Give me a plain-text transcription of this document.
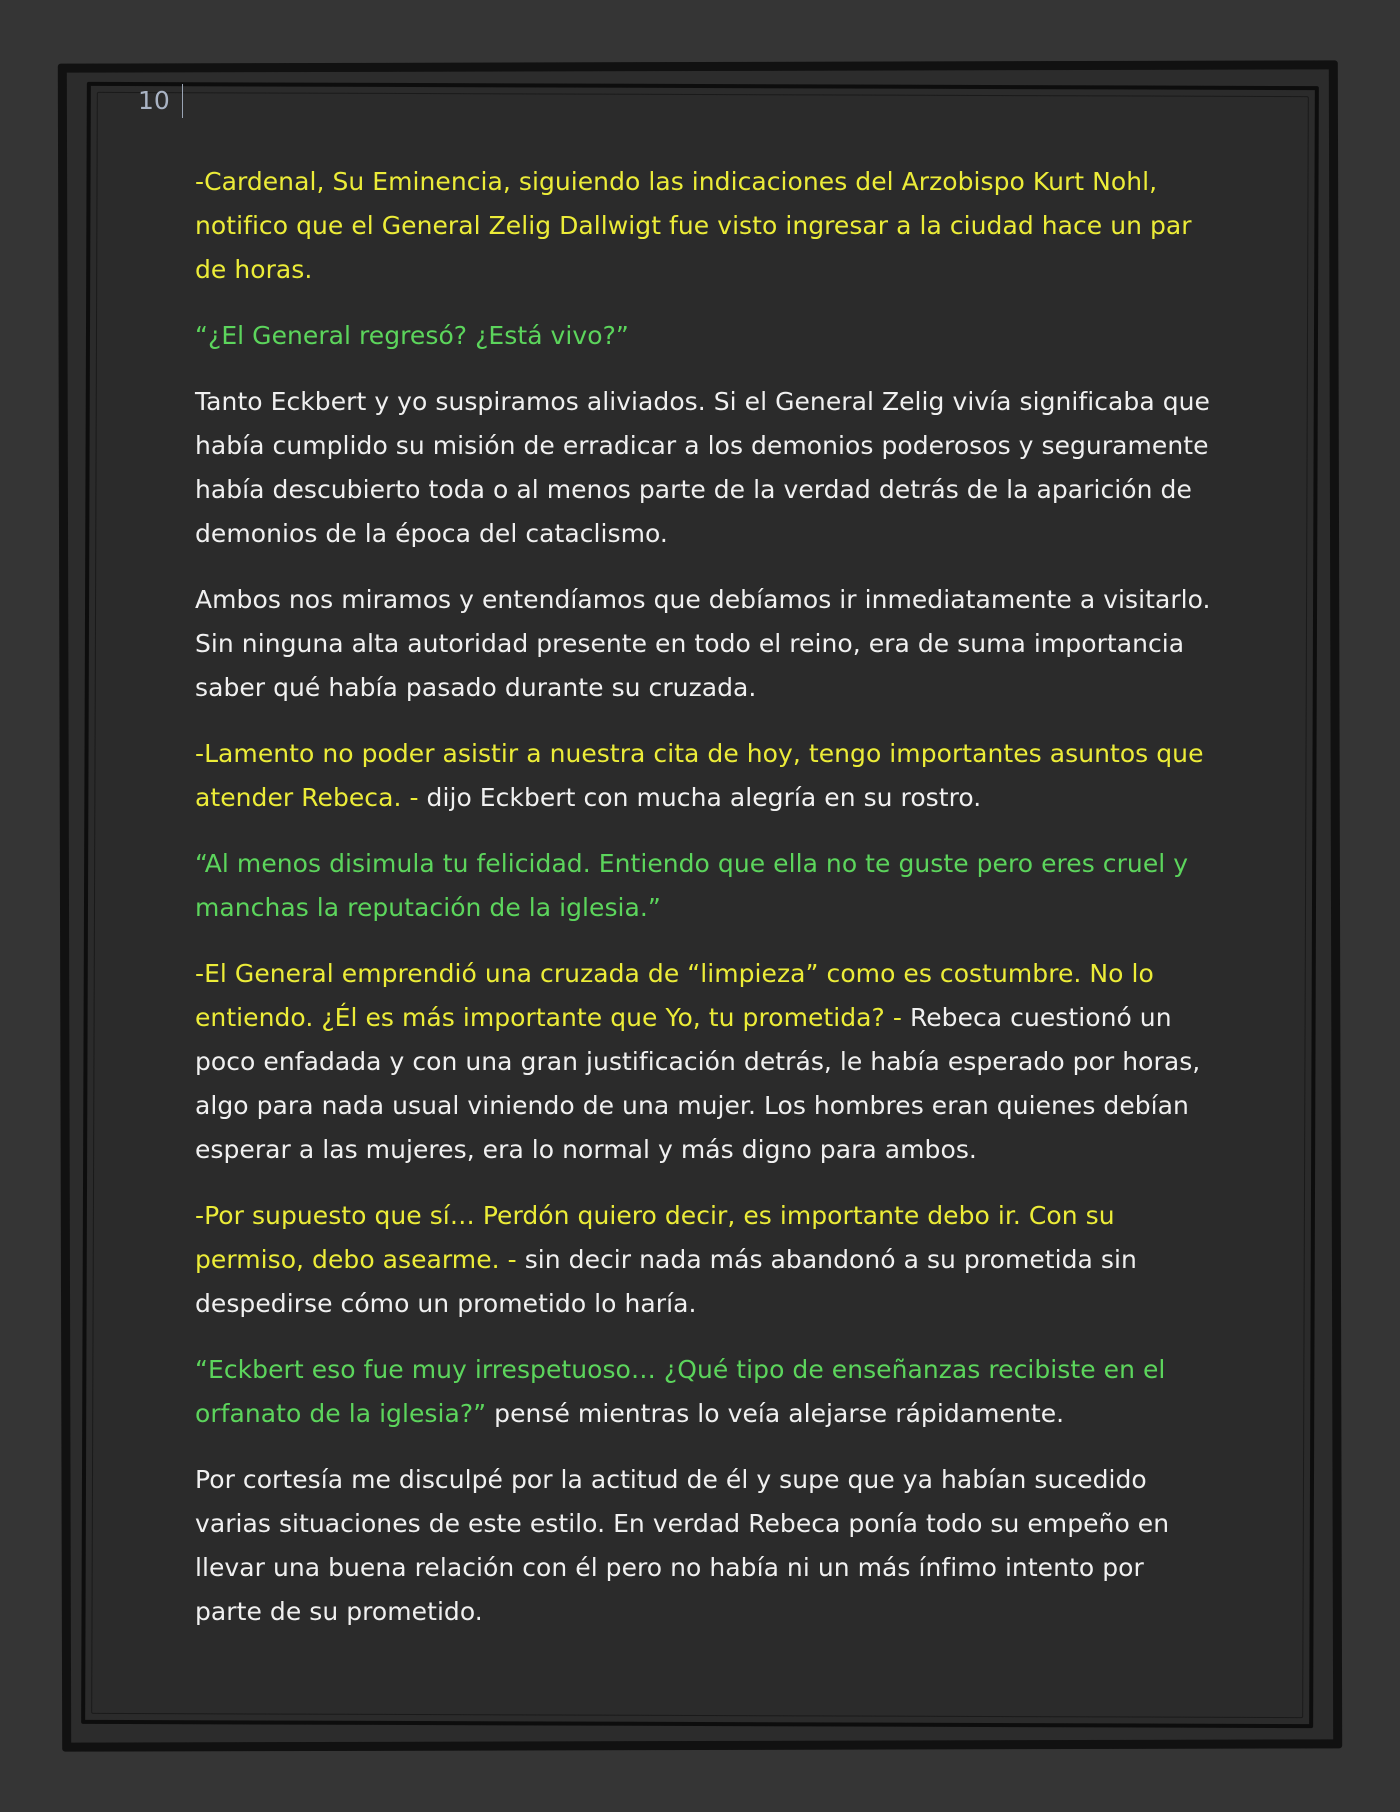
10

-Cardenal, Su Eminencia, siguiendo las indicaciones del Arzobispo Kurt Nohl, notifico que el General Zelig Dallwigt fue visto ingresar a la ciudad hace un par de horas.

“¿El General regresó? ¿Está vivo?”

Tanto Eckbert y yo suspiramos aliviados. Si el General Zelig vivía significaba que había cumplido su misión de erradicar a los demonios poderosos y seguramente había descubierto toda o al menos parte de la verdad detrás de la aparición de demonios de la época del cataclismo.

Ambos nos miramos y entendíamos que debíamos ir inmediatamente a visitarlo. Sin ninguna alta autoridad presente en todo el reino, era de suma importancia saber qué había pasado durante su cruzada.

-Lamento no poder asistir a nuestra cita de hoy, tengo importantes asuntos que atender Rebeca. - dijo Eckbert con mucha alegría en su rostro.

“Al menos disimula tu felicidad. Entiendo que ella no te guste pero eres cruel y manchas la reputación de la iglesia.”

-El General emprendió una cruzada de “limpieza” como es costumbre. No lo entiendo. ¿Él es más importante que Yo, tu prometida? - Rebeca cuestionó un poco enfadada y con una gran justificación detrás, le había esperado por horas, algo para nada usual viniendo de una mujer. Los hombres eran quienes debían esperar a las mujeres, era lo normal y más digno para ambos.

-Por supuesto que sí… Perdón quiero decir, es importante debo ir. Con su permiso, debo asearme. - sin decir nada más abandonó a su prometida sin despedirse cómo un prometido lo haría.

“Eckbert eso fue muy irrespetuoso… ¿Qué tipo de enseñanzas recibiste en el orfanato de la iglesia?” pensé mientras lo veía alejarse rápidamente.

Por cortesía me disculpé por la actitud de él y supe que ya habían sucedido varias situaciones de este estilo. En verdad Rebeca ponía todo su empeño en llevar una buena relación con él pero no había ni un más ínfimo intento por parte de su prometido.
